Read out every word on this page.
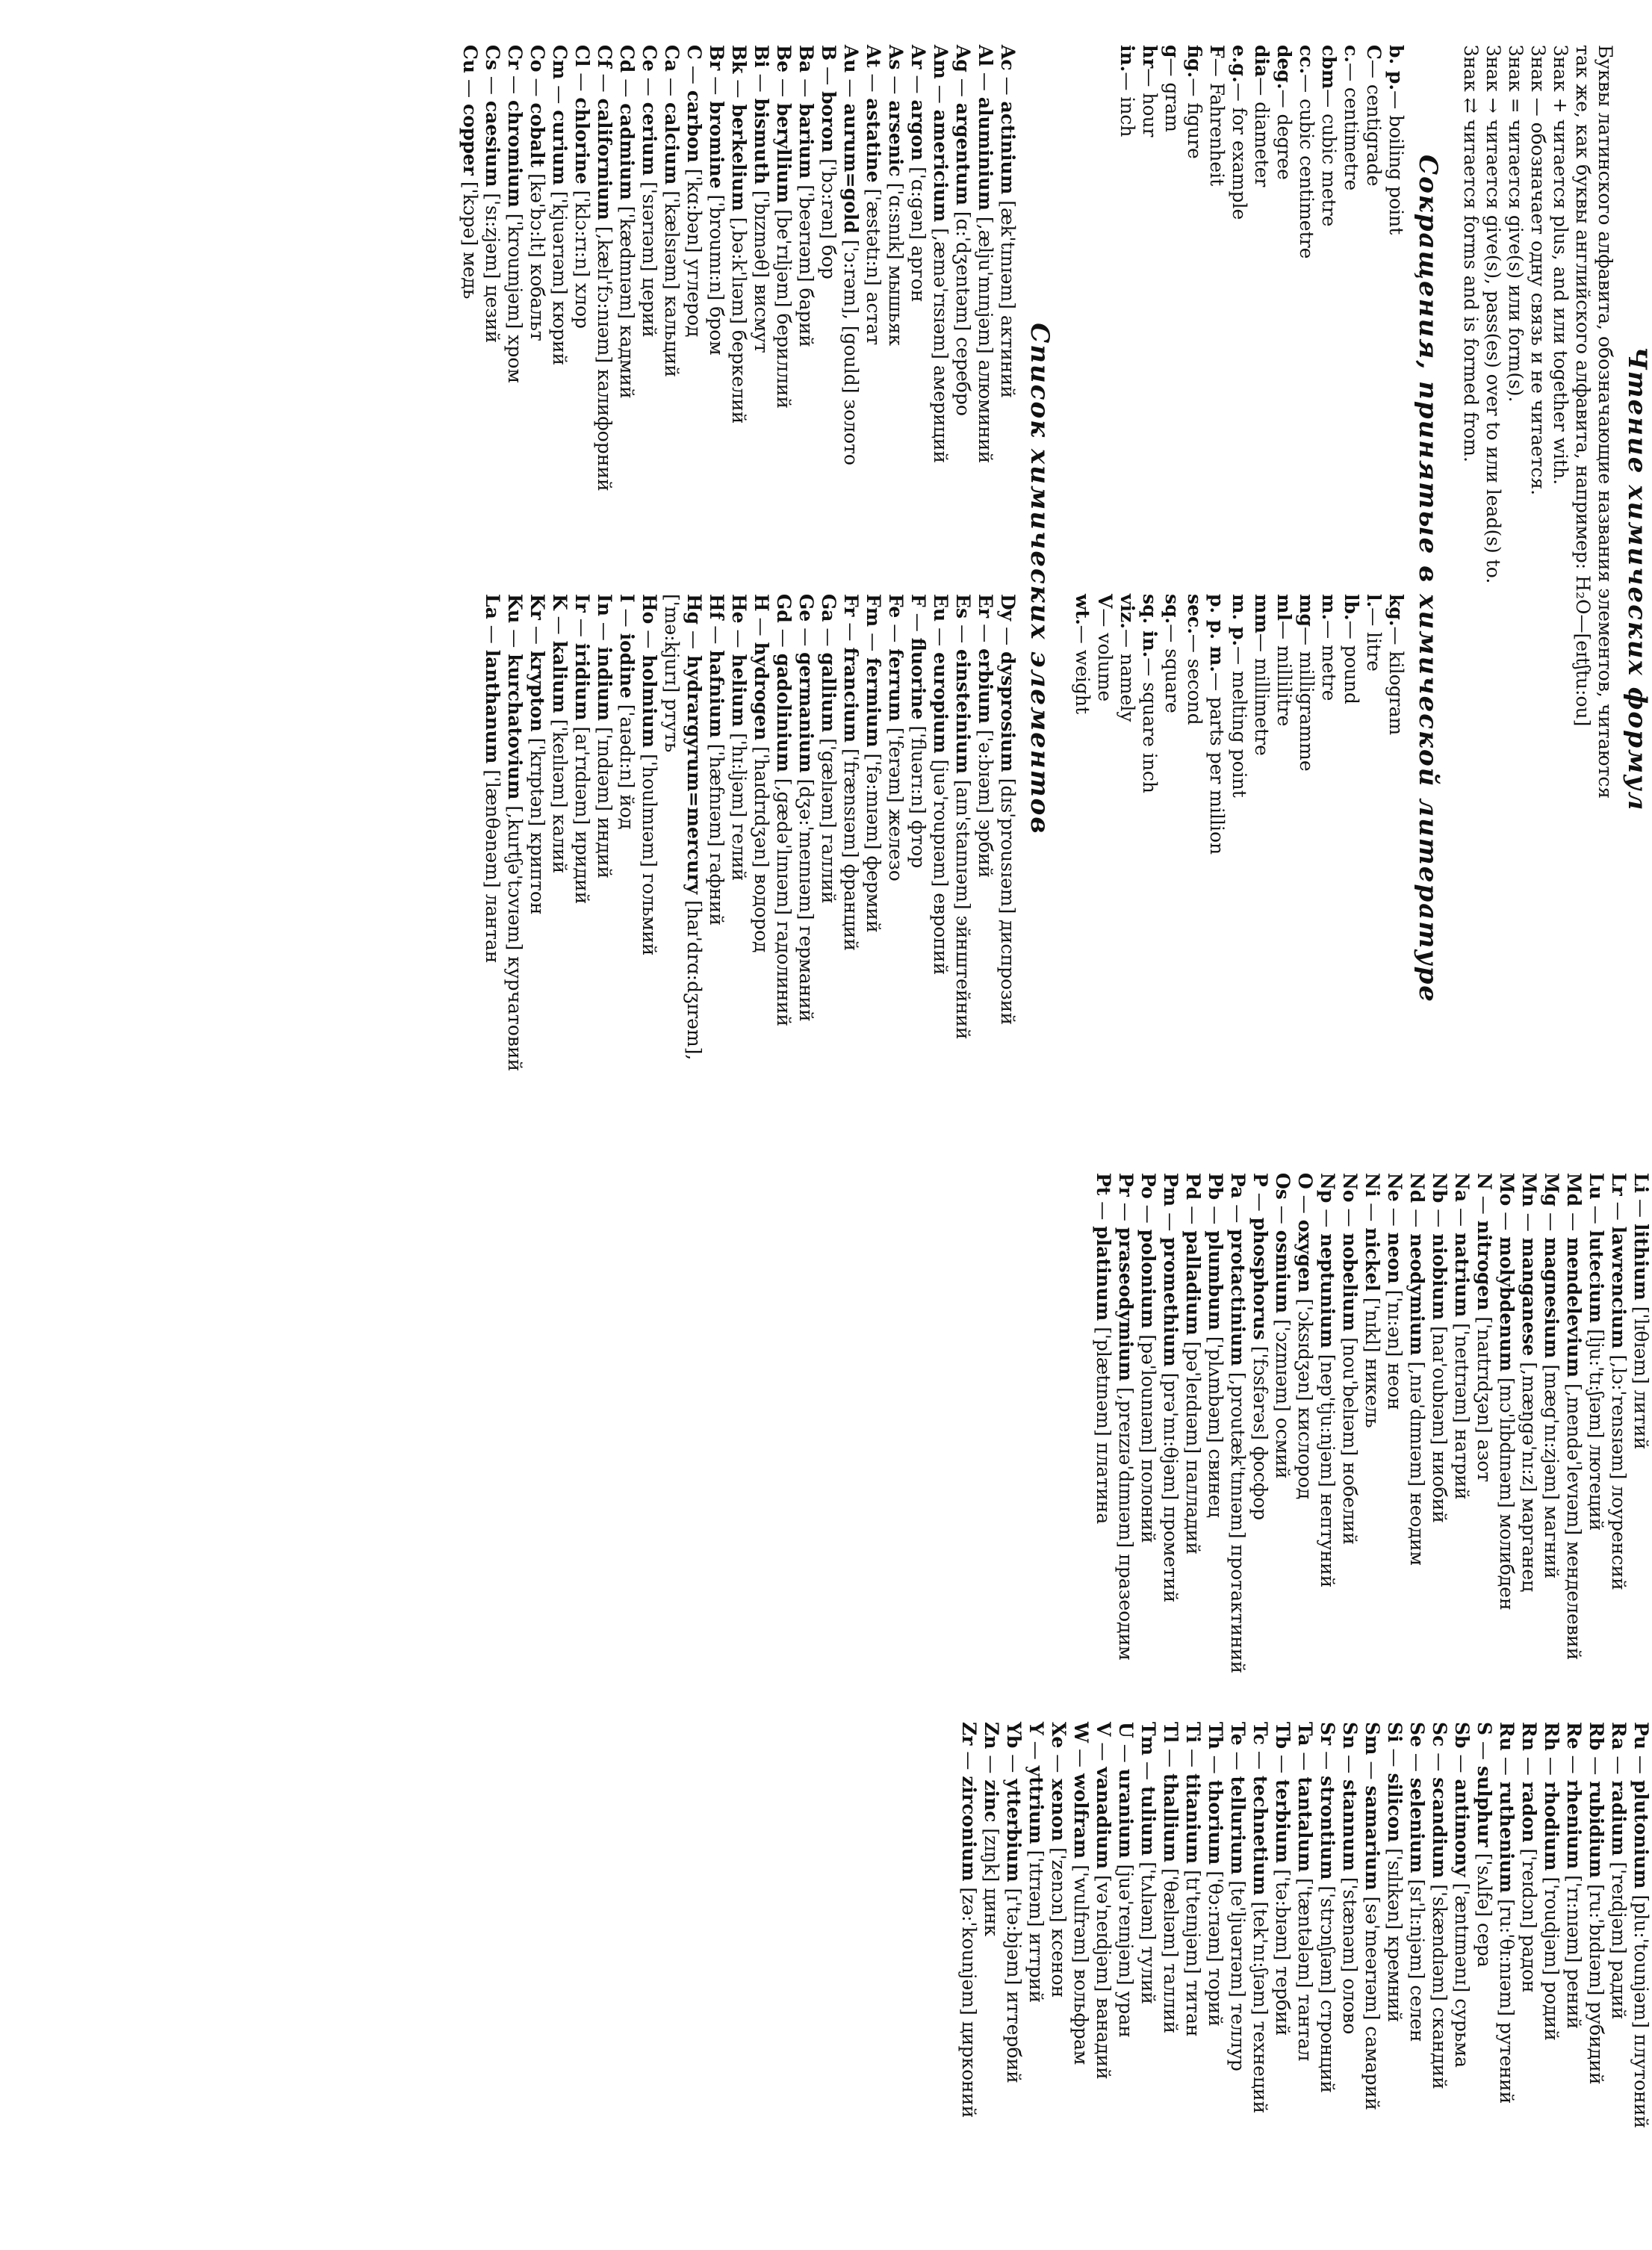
Чтение химических формул

Буквы латинского алфавита, обозначающие названия элементов, читаются

так же, как буквы английского алфавита, например: H₂O—[eɪtʃtu:ou]

Знак + читается plus, and или together with.

Знак — обозначает одну связь и не читается.

Знак = читается give(s) или form(s).

Знак → читается give(s), pass(es) over to или lead(s) to.

Знак ⇄ читается forms and is formed from.

Сокращения, принятые в химической литературе

b. p.— boiling point

C— centigrade

c.— centimetre

cbm— cubic metre

cc.— cubic centimetre

deg.— degree

dia— diameter

e.g.— for example

F— Fahrenheit

fig.— figure

g— gram

hr— hour

in.— inch

kg.— kilogram

l.— litre

lb.— pound

m.— metre

mg— milligramme

ml— millilitre

mm— millimetre

m. p.— melting point

p. p. m.— parts per million

sec.— second

sq.— square

sq. in.— square inch

viz.— namely

V— volume

wt.— weight

Список химических элементов

Ac — actinium [æk'tɪnɪəm] актиний

Al — aluminium [,ælju'mɪnjəm] алюминий

Ag — argentum [ɑ:'dʒentəm] серебро

Am — americium [,æmə'rɪsɪəm] америций

Ar — argon ['ɑ:gən] аргон

As — arsenic ['ɑ:snɪk] мышьяк

At — astatine ['æstətɪ:n] астат

Au — aurum=gold ['ɔ:rəm], [gould] золото

B — boron ['bɔ:rən] бор

Ba — barium ['beərɪəm] барий

Be — beryllium [be'rɪljəm] бериллий

Bi — bismuth ['bɪzməθ] висмут

Bk — berkelium [,bə:k'lɪəm] беркелий

Br — bromine ['broumɪ:n] бром

C — carbon ['kɑ:bən] углерод

Ca — calcium ['kælsɪəm] кальций

Ce — cerium ['sɪərɪəm] церий

Cd — cadmium ['kædmɪəm] кадмий

Cf — californium [,kælɪ'fɔ:nɪəm] калифорний

Cl — chlorine ['klɔ:rɪ:n] хлор

Cm — curium ['kjuərɪəm] кюрий

Co — cobalt [kə'bɔ:lt] кобальт

Cr — chromium ['kroumjəm] хром

Cs — caesium ['sɪ:zjəm] цезий

Cu — copper ['kɔpə] медь

Dy — dysprosium [dɪs'prousɪəm] диспрозий

Er — erbium ['ə:bɪəm] эрбий

Es — einsteinium [aɪn'staɪnɪəm] эйнштейний

Eu — europium [juə'roupɪəm] европий

F — fluorine ['fluərɪ:n] фтор

Fe — ferrum ['ferəm] железо

Fm — fermium ['fə:mɪəm] фермий

Fr — francium ['frænsɪəm] франций

Ga — gallium ['gælɪəm] галлий

Ge — germanium [dʒə:'meɪnɪəm] германий

Gd — gadolinium [,gædə'lɪnɪəm] гадолиний

H — hydrogen ['haɪdrɪdʒən] водород

He — helium ['hɪ:ljəm] гелий

Hf — hafnium ['hæfnɪəm] гафний

Hg — hydrargyrum=mercury [haɪ'drɑ:dʒɪrəm], ['mə:kjurɪ] ртуть

Ho — holmium ['houlmɪəm] гольмий

I — iodine ['aɪədɪ:n] йод

In — indium ['ɪndɪəm] индий

Ir — iridium [aɪ'rɪdɪəm] иридий

K — kalium ['keɪlɪəm] калий

Kr — krypton ['krɪptən] криптон

Ku — kurchatovium [,kurtʃə'tɔvɪəm] курчатовий

La — lanthanum ['lænθənəm] лантан

Li — lithium ['lɪθɪəm] литий

Lr — lawrencium [,lɔ:'rensɪəm] лоуренсий

Lu — lutecium [lju:'tɪ:ʃɪəm] лютеций

Md — mendelevium [,mendə'levɪəm] менделевий

Mg — magnesium [mæg'nɪ:zjəm] магний

Mn — manganese [,mæŋgə'nɪ:z] марганец

Mo — molybdenum [mɔ'lɪbdɪnəm] молибден

N — nitrogen ['naɪtrɪdʒən] азот

Na — natrium ['neɪtrɪəm] натрий

Nb — niobium [naɪ'oubɪəm] ниобий

Nd — neodymium [,nɪə'dɪmɪəm] неодим

Ne — neon ['nɪ:ən] неон

Ni — nickel ['nɪkl] никель

No — nobelium [nou'belɪəm] нобелий

Np — neptunium [nep'tju:njəm] нептуний

O — oxygen ['ɔksɪdʒən] кислород

Os — osmium ['ɔzmɪəm] осмий

P — phosphorus ['fɔsfərəs] фосфор

Pa — protactinium [,proutæk'tɪnɪəm] протактиний

Pb — plumbum ['plʌmbəm] свинец

Pd — palladium [pə'leɪdɪəm] палладий

Pm — promethium [prə'mɪ:θjəm] прометий

Po — polonium [pə'lounɪəm] полоний

Pr — praseodymium [,preɪzɪə'dɪmɪəm] празеодим

Pt — platinum ['plætɪnəm] платина

Pu — plutonium [plu:'tounjəm] плутоний

Ra — radium ['reɪdjəm] радий

Rb — rubidium [ru:'bɪdɪəm] рубидий

Re — rhenium ['rɪ:nɪəm] рений

Rh — rhodium ['roudjəm] родий

Rn — radon ['reɪdɔn] радон

Ru — ruthenium [ru:'θɪ:nɪəm] рутений

S — sulphur ['sʌlfə] сера

Sb — antimony ['æntɪmənɪ] сурьма

Sc — scandium ['skændɪəm] скандий

Se — selenium [sɪ'lɪ:njəm] селен

Si — silicon ['sɪlɪkən] кремний

Sm — samarium [sə'meərɪəm] самарий

Sn — stannum ['stænəm] олово

Sr — strontium ['strɔnʃɪəm] стронций

Ta — tantalum ['tæntələm] тантал

Tb — terbium ['tə:bɪəm] тербий

Tc — technetium [tek'nɪ:ʃɪəm] технеций

Te — tellurium [te'ljuərɪəm] теллур

Th — thorium ['θɔ:rɪəm] торий

Ti — titanium [tɪ'teɪnjəm] титан

Tl — thallium ['θælɪəm] таллий

Tm — tulium ['tʌlɪəm] тулий

U — uranium [juə'reɪnjəm] уран

V — vanadium [və'neɪdjəm] ванадий

W — wolfram ['wulfrəm] вольфрам

Xe — xenon ['zenɔn] ксенон

Y — yttrium ['ɪtrɪəm] иттрий

Yb — ytterbium [ɪ'tə:bjəm] иттербий

Zn — zinc [zɪŋk] цинк

Zr — zirconium [zə:'kounjəm] цирконий
